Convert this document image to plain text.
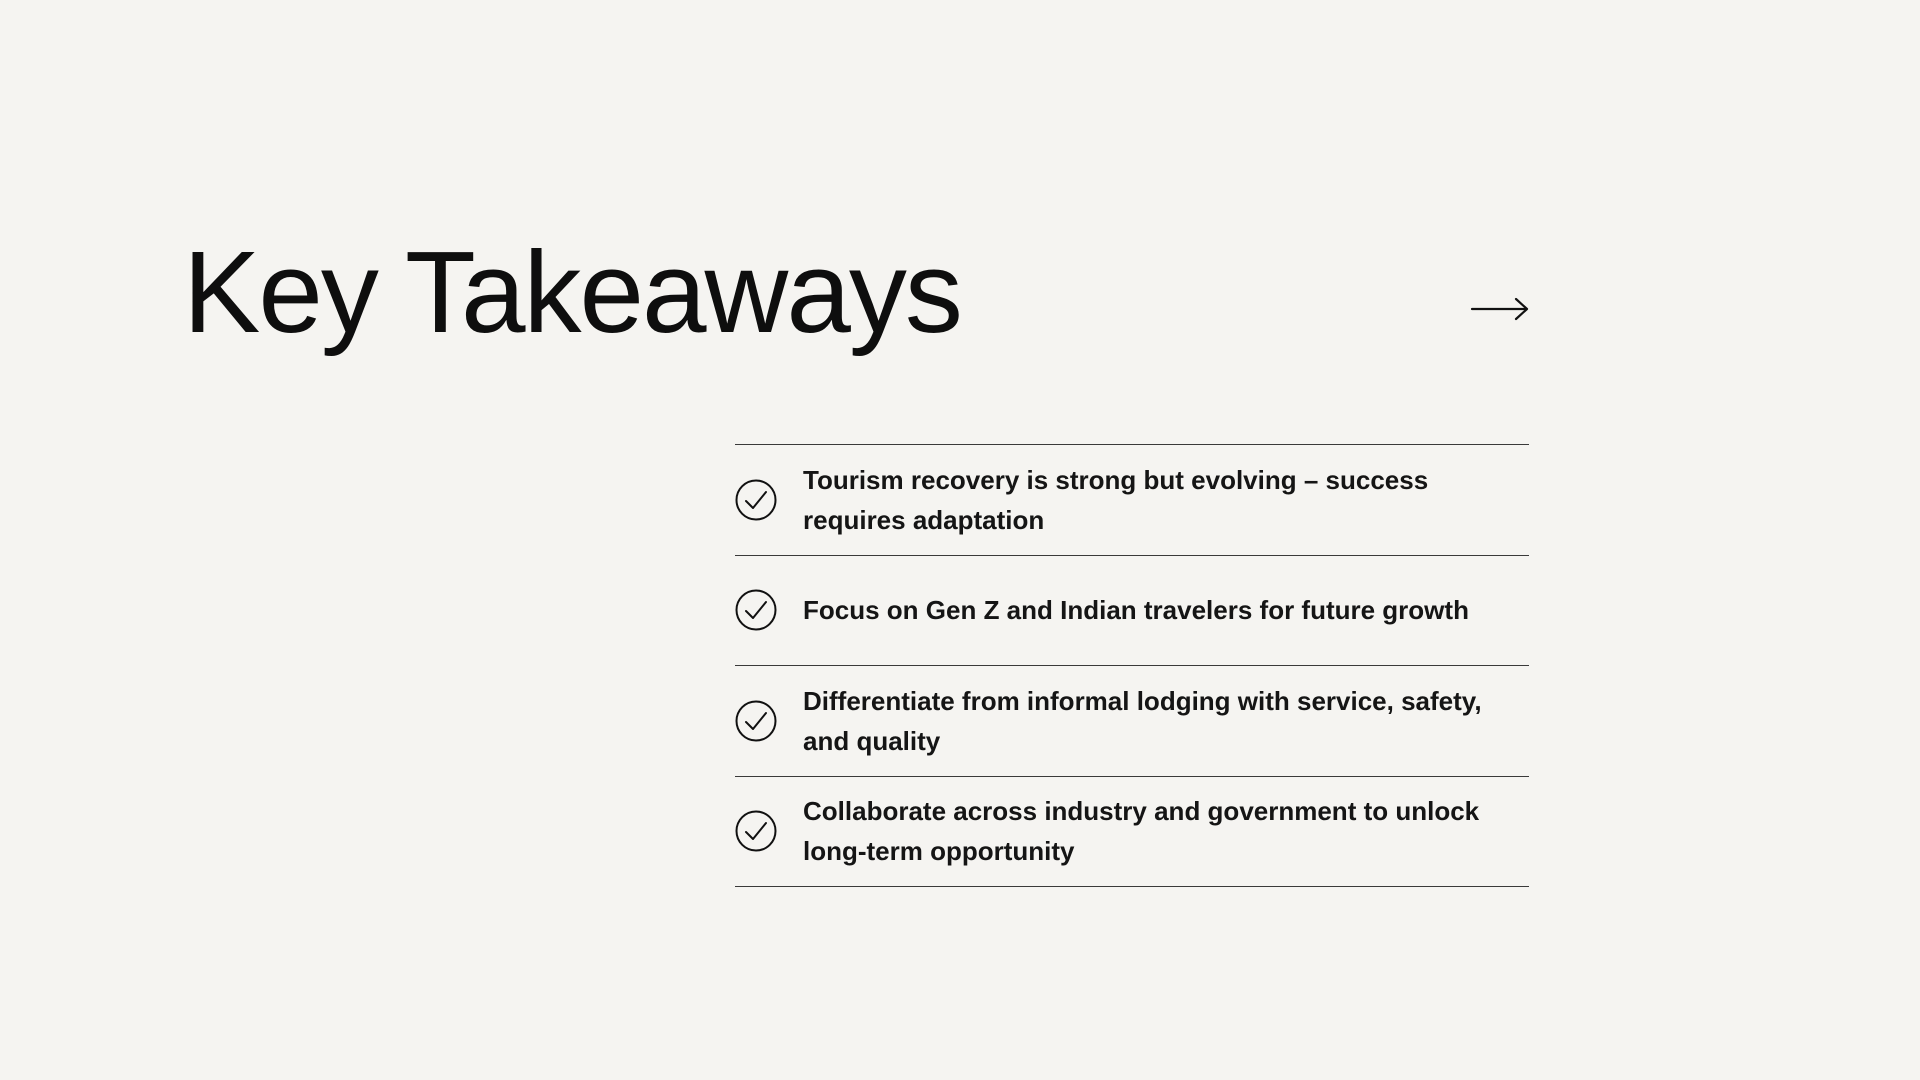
Key Takeaways
Tourism recovery is strong but evolving – success requires adaptation
Focus on Gen Z and Indian travelers for future growth
Differentiate from informal lodging with service, safety, and quality
Collaborate across industry and government to unlock long-term opportunity
